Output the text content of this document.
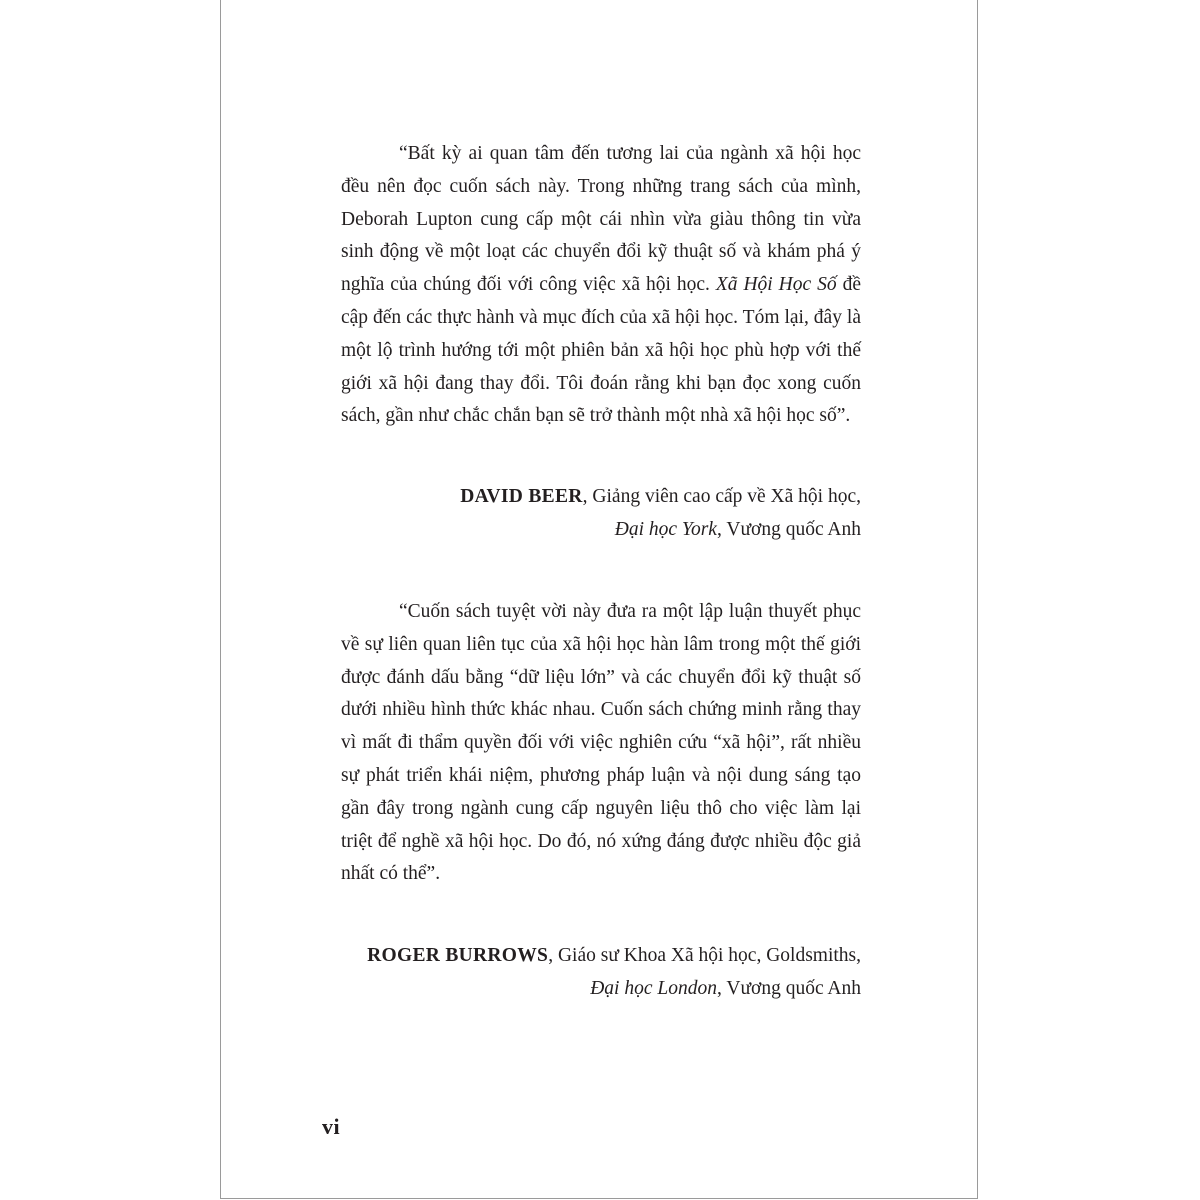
“Bất kỳ ai quan tâm đến tương lai của ngành xã hội học đều nên đọc cuốn sách này. Trong những trang sách của mình, Deborah Lupton cung cấp một cái nhìn vừa giàu thông tin vừa sinh động về một loạt các chuyển đổi kỹ thuật số và khám phá ý nghĩa của chúng đối với công việc xã hội học. Xã Hội Học Số đề cập đến các thực hành và mục đích của xã hội học. Tóm lại, đây là một lộ trình hướng tới một phiên bản xã hội học phù hợp với thế giới xã hội đang thay đổi. Tôi đoán rằng khi bạn đọc xong cuốn sách, gần như chắc chắn bạn sẽ trở thành một nhà xã hội học số”.

DAVID BEER, Giảng viên cao cấp về Xã hội học,

Đại học York, Vương quốc Anh

“Cuốn sách tuyệt vời này đưa ra một lập luận thuyết phục về sự liên quan liên tục của xã hội học hàn lâm trong một thế giới được đánh dấu bằng “dữ liệu lớn” và các chuyển đổi kỹ thuật số dưới nhiều hình thức khác nhau. Cuốn sách chứng minh rằng thay vì mất đi thẩm quyền đối với việc nghiên cứu “xã hội”, rất nhiều sự phát triển khái niệm, phương pháp luận và nội dung sáng tạo gần đây trong ngành cung cấp nguyên liệu thô cho việc làm lại triệt để nghề xã hội học. Do đó, nó xứng đáng được nhiều độc giả nhất có thể”.

ROGER BURROWS, Giáo sư Khoa Xã hội học, Goldsmiths,

Đại học London, Vương quốc Anh

vi
